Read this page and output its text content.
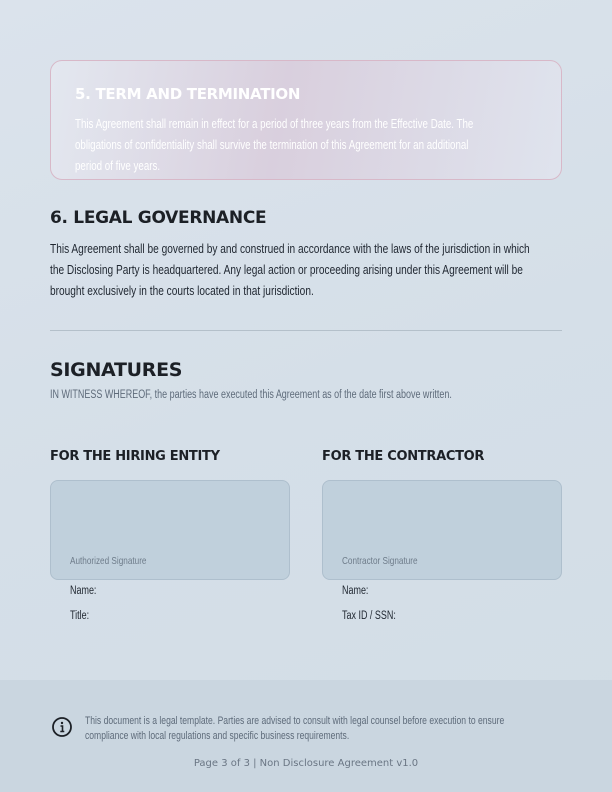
5. TERM AND TERMINATION
This Agreement shall remain in effect for a period of three years from the Effective Date. The
obligations of confidentiality shall survive the termination of this Agreement for an additional
period of five years.
6. LEGAL GOVERNANCE
This Agreement shall be governed by and construed in accordance with the laws of the jurisdiction in which
the Disclosing Party is headquartered. Any legal action or proceeding arising under this Agreement will be
brought exclusively in the courts located in that jurisdiction.
SIGNATURES
IN WITNESS WHEREOF, the parties have executed this Agreement as of the date first above written.
FOR THE HIRING ENTITY
Authorized Signature
Name:
Title:
FOR THE CONTRACTOR
Contractor Signature
Name:
Tax ID / SSN:
This document is a legal template. Parties are advised to consult with legal counsel before execution to ensure
compliance with local regulations and specific business requirements.
Page 3 of 3 | Non Disclosure Agreement v1.0
